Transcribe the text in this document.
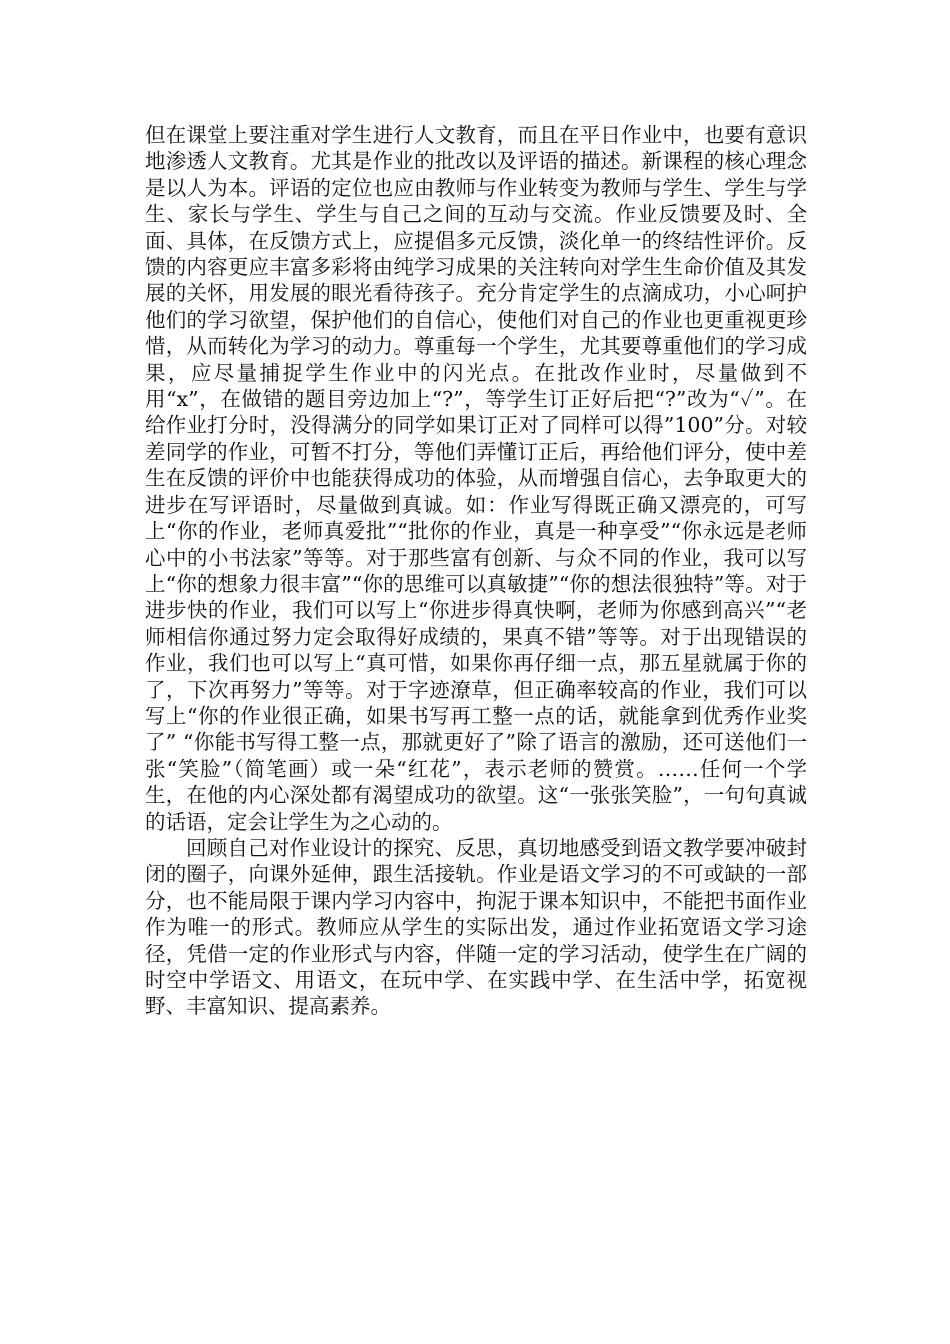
但在课堂上要注重对学生进行人文教育，而且在平日作业中，也要有意识地渗透人文教育。尤其是作业的批改以及评语的描述。新课程的核心理念是以人为本。评语的定位也应由教师与作业转变为教师与学生、学生与学生、家长与学生、学生与自己之间的互动与交流。作业反馈要及时、全面、具体，在反馈方式上，应提倡多元反馈，淡化单一的终结性评价。反馈的内容更应丰富多彩将由纯学习成果的关注转向对学生生命价值及其发展的关怀，用发展的眼光看待孩子。充分肯定学生的点滴成功，小心呵护他们的学习欲望，保护他们的自信心，使他们对自己的作业也更重视更珍惜，从而转化为学习的动力。尊重每一个学生，尤其要尊重他们的学习成果，应尽量捕捉学生作业中的闪光点。在批改作业时，尽量做到不用“x”，在做错的题目旁边加上“?”，等学生订正好后把“?”改为“✓”。在给作业打分时，没得满分的同学如果订正对了同样可以得”100”分。对较差同学的作业，可暂不打分，等他们弄懂订正后，再给他们评分，使中差生在反馈的评价中也能获得成功的体验，从而增强自信心，去争取更大的进步在写评语时，尽量做到真诚。如：作业写得既正确又漂亮的，可写上“你的作业，老师真爱批”“批你的作业，真是一种享受”“你永远是老师心中的小书法家”等等。对于那些富有创新、与众不同的作业，我可以写上“你的想象力很丰富”“你的思维可以真敏捷”“你的想法很独特”等。对于进步快的作业，我们可以写上“你进步得真快啊，老师为你感到高兴”“老师相信你通过努力定会取得好成绩的，果真不错”等等。对于出现错误的作业，我们也可以写上“真可惜，如果你再仔细一点，那五星就属于你的了，下次再努力”等等。对于字迹潦草，但正确率较高的作业，我们可以写上“你的作业很正确，如果书写再工整一点的话，就能拿到优秀作业奖了” “你能书写得工整一点，那就更好了”除了语言的激励，还可送他们一张“笑脸”（简笔画）或一朵“红花”，表示老师的赞赏。……任何一个学生，在他的内心深处都有渴望成功的欲望。这“一张张笑脸”，一句句真诚的话语，定会让学生为之心动的。

回顾自己对作业设计的探究、反思，真切地感受到语文教学要冲破封闭的圈子，向课外延伸，跟生活接轨。作业是语文学习的不可或缺的一部分，也不能局限于课内学习内容中，拘泥于课本知识中，不能把书面作业作为唯一的形式。教师应从学生的实际出发，通过作业拓宽语文学习途径，凭借一定的作业形式与内容，伴随一定的学习活动，使学生在广阔的时空中学语文、用语文，在玩中学、在实践中学、在生活中学，拓宽视野、丰富知识、提高素养。
